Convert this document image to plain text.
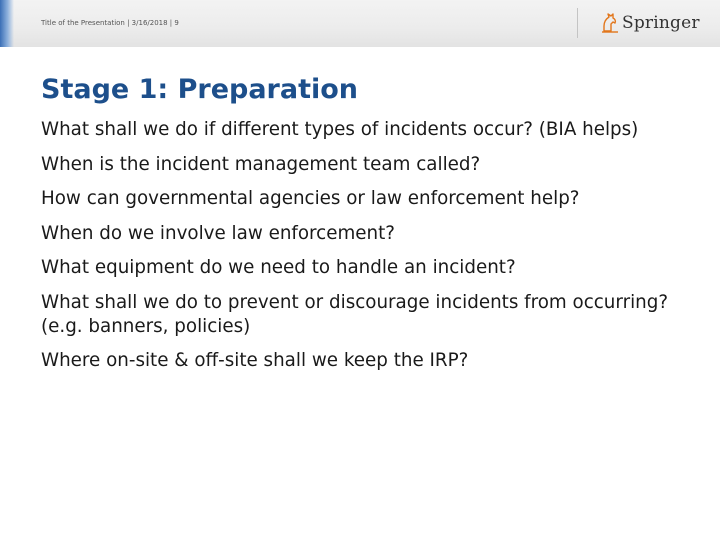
Title of the Presentation | 3/16/2018 | 9	Springer
Stage 1: Preparation
What shall we do if different types of incidents occur? (BIA helps)
When is the incident management team called?
How can governmental agencies or law enforcement help?
When do we involve law enforcement?
What equipment do we need to handle an incident?
What shall we do to prevent or discourage incidents from occurring? (e.g. banners, policies)
Where on-site & off-site shall we keep the IRP?
